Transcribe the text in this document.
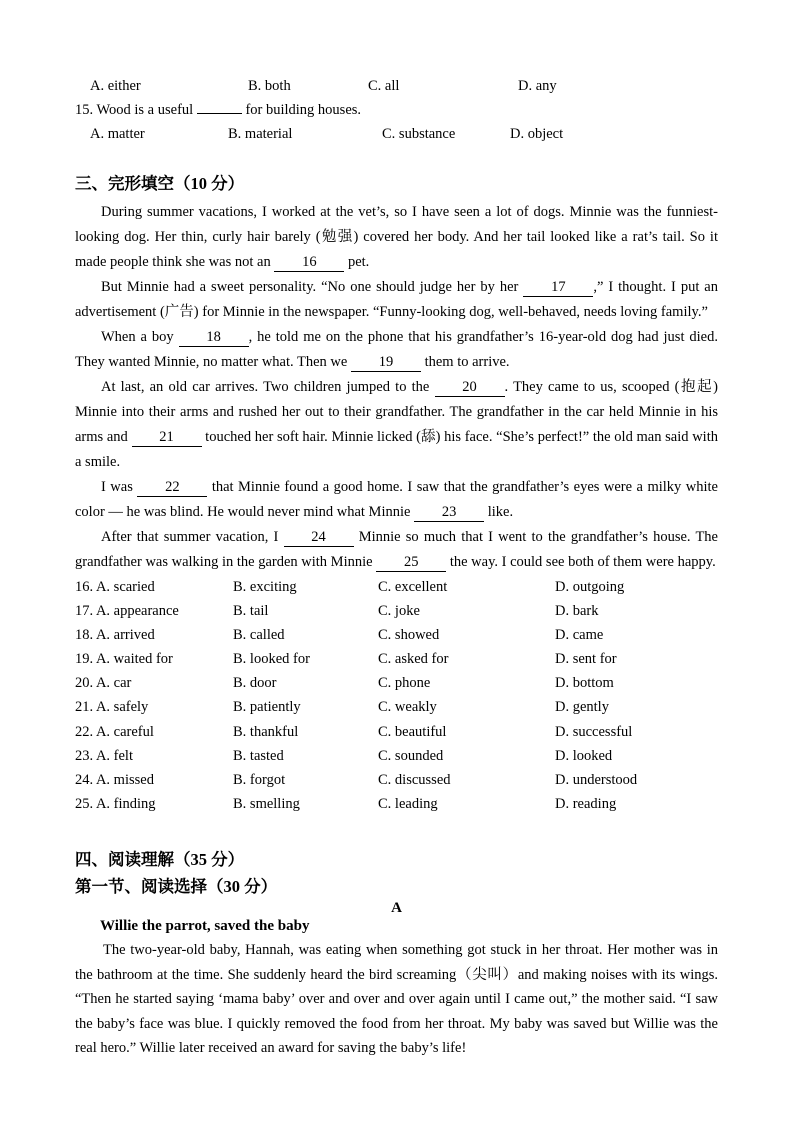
A. either	B. both	C. all	D. any
15. Wood is a useful	for building houses.
A. matter	B. material	C. substance	D. object
三、完形填空（10 分）

During summer vacations, I worked at the vet’s, so I have seen a lot of dogs. Minnie was the funniest-looking dog. Her thin, curly hair barely (勉强) covered her body. And her tail looked like a rat’s tail. So it made people think she was not an 16 pet.

But Minnie had a sweet personality. “No one should judge her by her 17 ,” I thought. I put an advertisement (广告) for Minnie in the newspaper. “Funny-looking dog, well-behaved, needs loving family.”

When a boy 18 , he told me on the phone that his grandfather’s 16-year-old dog had just died. They wanted Minnie, no matter what. Then we 19 them to arrive.

At last, an old car arrives. Two children jumped to the 20 . They came to us, scooped (抱起) Minnie into their arms and rushed her out to their grandfather. The grandfather in the car held Minnie in his arms and 21 touched her soft hair. Minnie licked (舔) his face. “She’s perfect!” the old man said with a smile.

I was 22 that Minnie found a good home. I saw that the grandfather’s eyes were a milky white color — he was blind. He would never mind what Minnie 23 like.

After that summer vacation, I 24 Minnie so much that I went to the grandfather’s house. The grandfather was walking in the garden with Minnie 25 the way. I could see both of them were happy.

16. A. scaried	B. exciting	C. excellent	D. outgoing
17. A. appearance	B. tail	C. joke	D. bark
18. A. arrived	B. called	C. showed	D. came
19. A. waited for	B. looked for	C. asked for	D. sent for
20. A. car	B. door	C. phone	D. bottom
21. A. safely	B. patiently	C. weakly	D. gently
22. A. careful	B. thankful	C. beautiful	D. successful
23. A. felt	B. tasted	C. sounded	D. looked
24. A. missed	B. forgot	C. discussed	D. understood
25. A. finding	B. smelling	C. leading	D. reading
四、阅读理解（35 分）
第一节、阅读选择（30 分）
A
Willie the parrot, saved the baby

The two-year-old baby, Hannah, was eating when something got stuck in her throat. Her mother was in the bathroom at the time. She suddenly heard the bird screaming（尖叫）and making noises with its wings. “Then he started saying ‘mama baby’ over and over and over again until I came out,” the mother said. “I saw the baby’s face was blue. I quickly removed the food from her throat. My baby was saved but Willie was the real hero.” Willie later received an award for saving the baby’s life!
